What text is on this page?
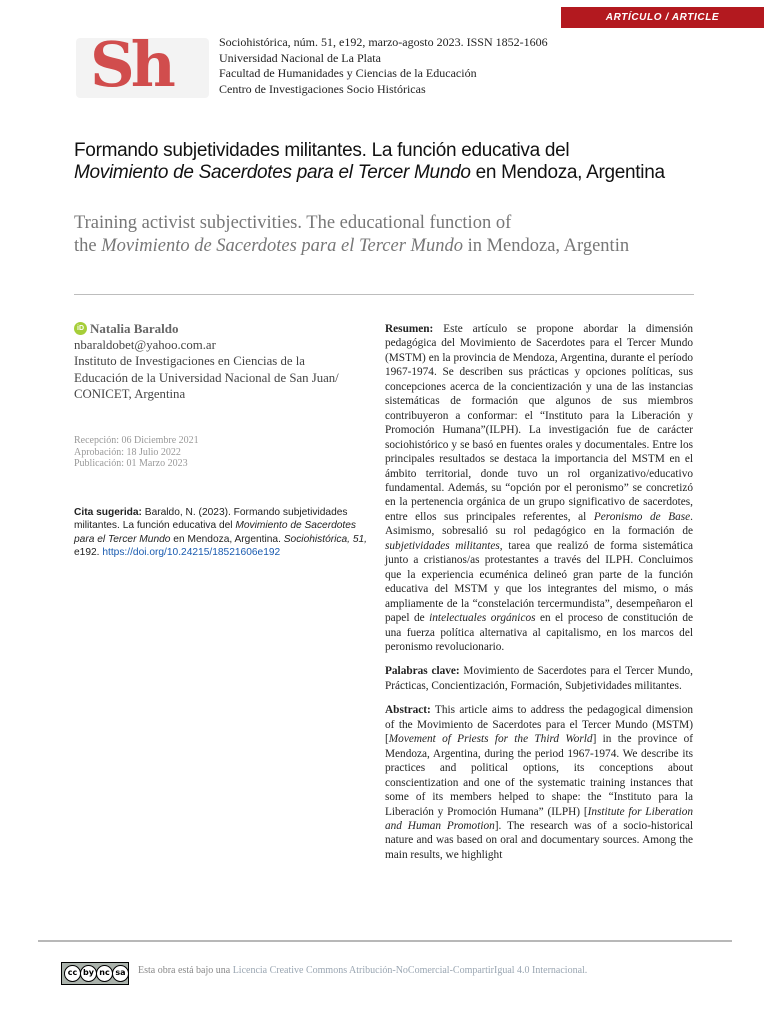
ARTÍCULO / ARTICLE
Sh	Sociohistórica, núm. 51, e192, marzo-agosto 2023. ISSN 1852-1606
Universidad Nacional de La Plata
Facultad de Humanidades y Ciencias de la Educación
Centro de Investigaciones Socio Históricas
Formando subjetividades militantes. La función educativa del
Movimiento de Sacerdotes para el Tercer Mundo en Mendoza, Argentina
Training activist subjectivities. The educational function of
the Movimiento de Sacerdotes para el Tercer Mundo in Mendoza, Argentin
iD Natalia Baraldo
nbaraldobet@yahoo.com.ar
Instituto de Investigaciones en Ciencias de la
Educación de la Universidad Nacional de San Juan/
CONICET, Argentina
Recepción: 06 Diciembre 2021
Aprobación: 18 Julio 2022
Publicación: 01 Marzo 2023
Cita sugerida: Baraldo, N. (2023). Formando subjetividades militantes. La función educativa del Movimiento de Sacerdotes para el Tercer Mundo en Mendoza, Argentina. Sociohistórica, 51, e192. https://doi.org/10.24215/18521606e192

Resumen: Este artículo se propone abordar la dimensión pedagógica del Movimiento de Sacerdotes para el Tercer Mundo (MSTM) en la provincia de Mendoza, Argentina, durante el período 1967-1974. Se describen sus prácticas y opciones políticas, sus concepciones acerca de la concientización y una de las instancias sistemáticas de formación que algunos de sus miembros contribuyeron a conformar: el “Instituto para la Liberación y Promoción Humana”(ILPH). La investigación fue de carácter sociohistórico y se basó en fuentes orales y documentales. Entre los principales resultados se destaca la importancia del MSTM en el ámbito territorial, donde tuvo un rol organizativo/educativo fundamental. Además, su “opción por el peronismo” se concretizó en la pertenencia orgánica de un grupo significativo de sacerdotes, entre ellos sus principales referentes, al Peronismo de Base. Asimismo, sobresalió su rol pedagógico en la formación de subjetividades militantes, tarea que realizó de forma sistemática junto a cristianos/as protestantes a través del ILPH. Concluimos que la experiencia ecuménica delineó gran parte de la función educativa del MSTM y que los integrantes del mismo, o más ampliamente de la “constelación tercermundista”, desempeñaron el papel de intelectuales orgánicos en el proceso de constitución de una fuerza política alternativa al capitalismo, en los marcos del peronismo revolucionario.

Palabras clave: Movimiento de Sacerdotes para el Tercer Mundo, Prácticas, Concientización, Formación, Subjetividades militantes.

Abstract: This article aims to address the pedagogical dimension of the Movimiento de Sacerdotes para el Tercer Mundo (MSTM) [Movement of Priests for the Third World] in the province of Mendoza, Argentina, during the period 1967-1974. We describe its practices and political options, its conceptions about conscientization and one of the systematic training instances that some of its members helped to shape: the “Instituto para la Liberación y Promoción Humana” (ILPH) [Institute for Liberation and Human Promotion]. The research was of a socio-historical nature and was based on oral and documentary sources. Among the main results, we highlight

cc by nc sa	Esta obra está bajo una Licencia Creative Commons Atribución-NoComercial-CompartirIgual 4.0 Internacional.
